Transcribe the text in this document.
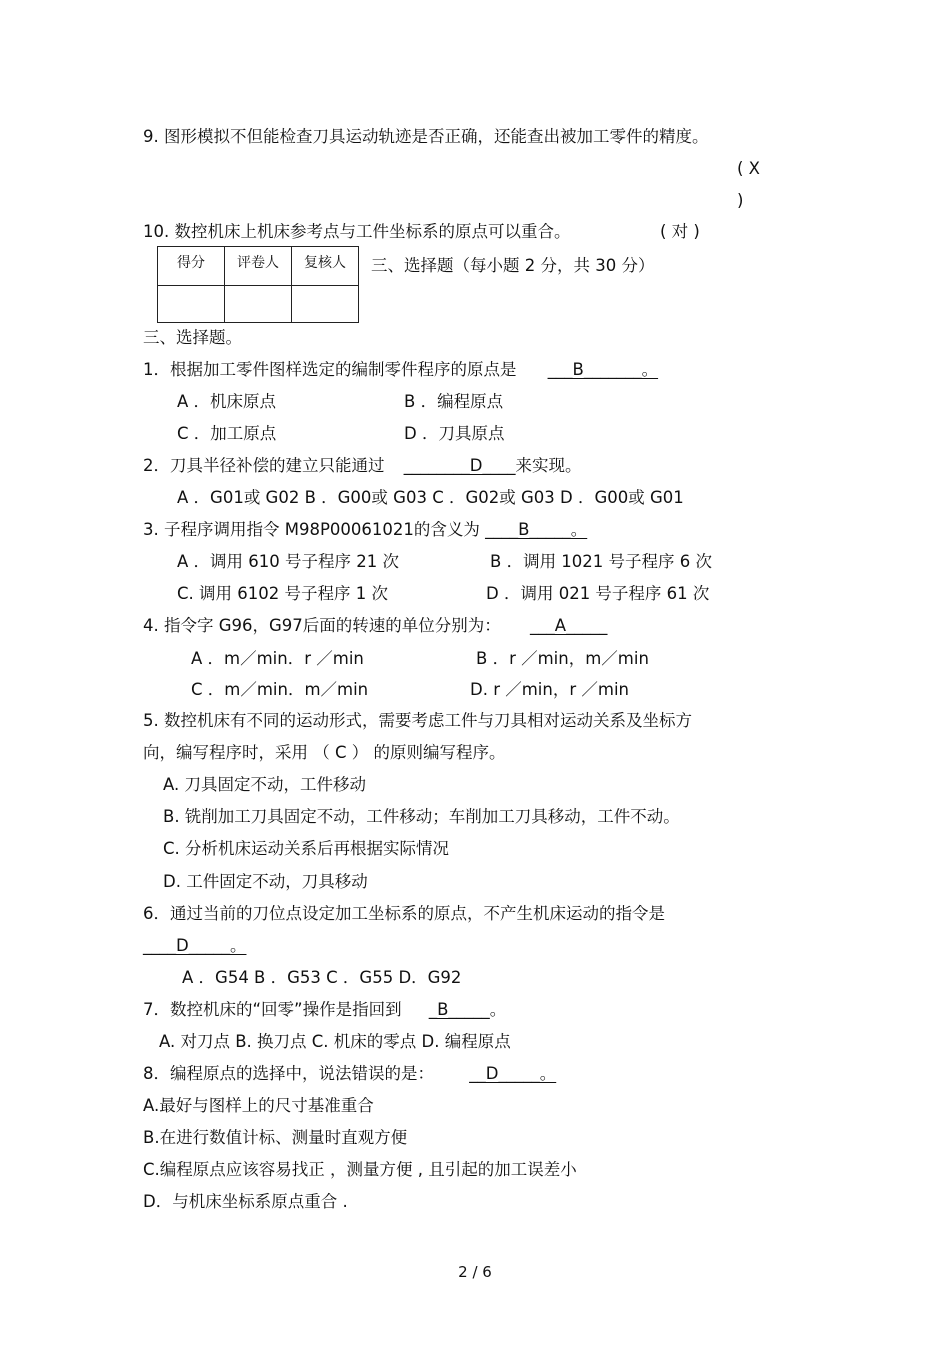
9. 图形模拟不但能检查刀具运动轨迹是否正确，还能查出被加工零件的精度。
( X
)
10. 数控机床上机床参考点与工件坐标系的原点可以重合。	( 对 )
得分	评卷人	复核人
		三、选择题（每小题 2 分，共 30 分）
三、选择题。
1．根据加工零件图样选定的编制零件程序的原点是 ___B_______。
A ．机床原点	B ．编程原点
C ．加工原点	D ．刀具原点
2．刀具半径补偿的建立只能通过 ________D____来实现。
A ．G01或 G02 B ．G00或 G03 C ．G02或 G03 D ．G00或 G01
3. 子程序调用指令 M98P00061021的含义为 ____B_____。
A ．调用 610 号子程序 21 次	B ．调用 1021 号子程序 6 次
C. 调用 6102 号子程序 1 次	D ．调用 021 号子程序 61 次
4. 指令字 G96，G97后面的转速的单位分别为： ___A_____
A ．m／min．r ／min	B ．r ／min，m／min
C ．m／min．m／min	D. r ／min，r ／min
5. 数控机床有不同的运动形式，需要考虑工件与刀具相对运动关系及坐标方
向，编写程序时，采用 （ C ） 的原则编写程序。
A. 刀具固定不动，工件移动
B. 铣削加工刀具固定不动，工件移动；车削加工刀具移动，工件不动。
C. 分析机床运动关系后再根据实际情况
D. 工件固定不动，刀具移动
6．通过当前的刀位点设定加工坐标系的原点，不产生机床运动的指令是
____D_____。
A ．G54 B ．G53 C ．G55 D．G92
7．数控机床的“回零”操作是指回到 _B_____。
A. 对刀点 B. 换刀点 C. 机床的零点 D. 编程原点
8．编程原点的选择中，说法错误的是： __D_____。
A.最好与图样上的尺寸基准重合
B.在进行数值计标、测量时直观方便
C.编程原点应该容易找正 ，测量方便 , 且引起的加工误差小
D．与机床坐标系原点重合 .
2 / 6
